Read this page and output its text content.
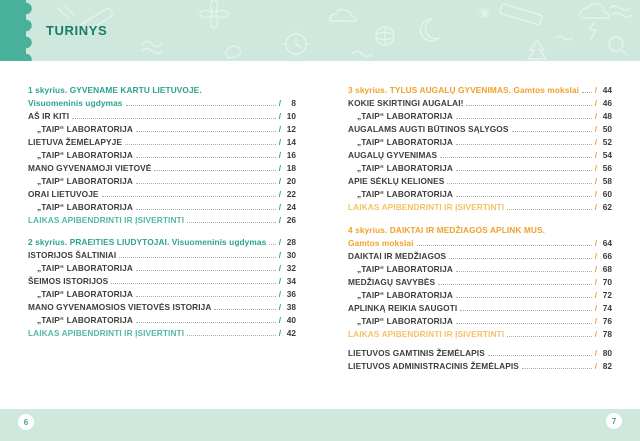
TURINYS
1 skyrius. GYVENAME KARTU LIETUVOJE.
Visuomeninis ugdymas	/	8
AŠ IR KITI	/ 10
„TAIP“ LABORATORIJA	/ 12
LIETUVA ŽEMĖLAPYJE	/ 14
„TAIP“ LABORATORIJA	/ 16
MANO GYVENAMOJI VIETOVĖ	/ 18
„TAIP“ LABORATORIJA	/ 20
ORAI LIETUVOJE	/ 22
„TAIP“ LABORATORIJA	/ 24
LAIKAS APIBENDRINTI IR ĮSIVERTINTI	/ 26
2 skyrius. PRAEITIES LIUDYTOJAI. Visuomeninis ugdymas / 28
ISTORIJOS ŠALTINIAI	/ 30
„TAIP“ LABORATORIJA	/ 32
ŠEIMOS ISTORIJOS	/ 34
„TAIP“ LABORATORIJA	/ 36
MANO GYVENAMOSIOS VIETOVĖS ISTORIJA	/ 38
„TAIP“ LABORATORIJA	/ 40
LAIKAS APIBENDRINTI IR ĮSIVERTINTI	/ 42
3 skyrius. TYLUS AUGALŲ GYVENIMAS. Gamtos mokslai / 44
KOKIE SKIRTINGI AUGALAI!	/ 46
„TAIP“ LABORATORIJA	/ 48
AUGALAMS AUGTI BŪTINOS SĄLYGOS	/ 50
„TAIP“ LABORATORIJA	/ 52
AUGALŲ GYVENIMAS	/ 54
„TAIP“ LABORATORIJA	/ 56
APIE SĖKLŲ KELIONES	/ 58
„TAIP“ LABORATORIJA	/ 60
LAIKAS APIBENDRINTI IR ĮSIVERTINTI	/ 62
4 skyrius. DAIKTAI IR MEDŽIAGOS APLINK MUS.
Gamtos mokslai	/ 64
DAIKTAI IR MEDŽIAGOS	/ 66
„TAIP“ LABORATORIJA	/ 68
MEDŽIAGŲ SAVYBĖS	/ 70
„TAIP“ LABORATORIJA	/ 72
APLINKĄ REIKIA SAUGOTI	/ 74
„TAIP“ LABORATORIJA	/ 76
LAIKAS APIBENDRINTI IR ĮSIVERTINTI	/ 78
LIETUVOS GAMTINIS ŽEMĖLAPIS	/ 80
LIETUVOS ADMINISTRACINIS ŽEMĖLAPIS	/ 82
6	7
